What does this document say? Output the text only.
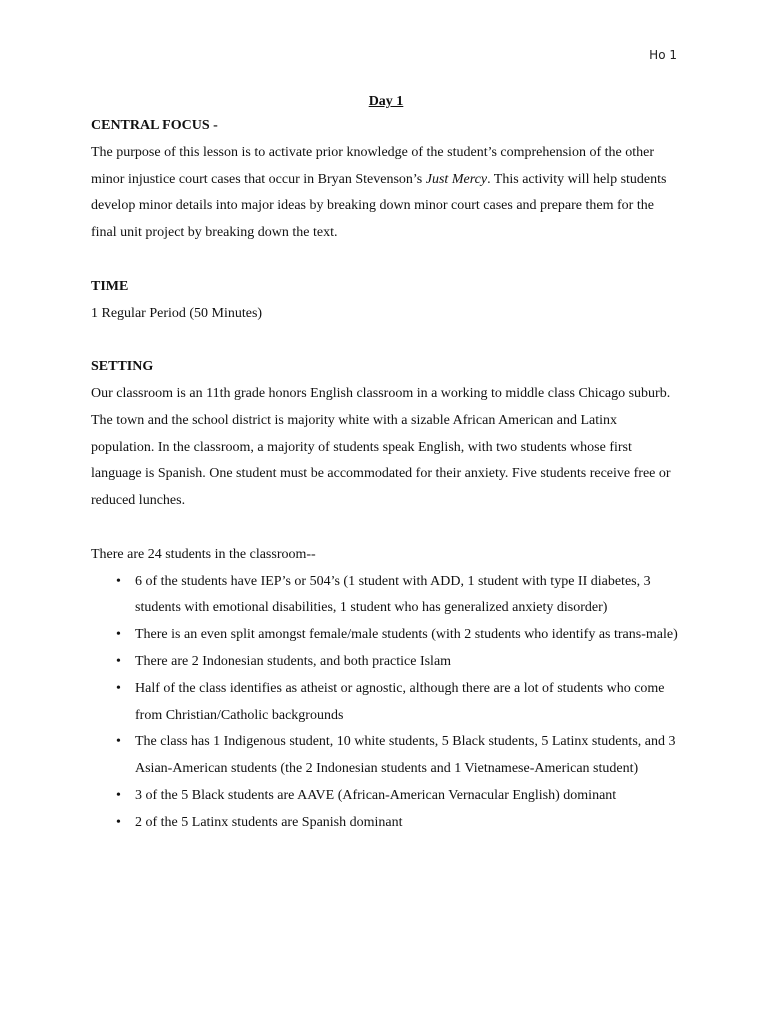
Ho 1

Day 1

CENTRAL FOCUS -

The purpose of this lesson is to activate prior knowledge of the student’s comprehension of the other minor injustice court cases that occur in Bryan Stevenson’s Just Mercy. This activity will help students develop minor details into major ideas by breaking down minor court cases and prepare them for the final unit project by breaking down the text.

TIME

1 Regular Period (50 Minutes)

SETTING

Our classroom is an 11th grade honors English classroom in a working to middle class Chicago suburb. The town and the school district is majority white with a sizable African American and Latinx population. In the classroom, a majority of students speak English, with two students whose first language is Spanish. One student must be accommodated for their anxiety. Five students receive free or reduced lunches.

There are 24 students in the classroom--

• 6 of the students have IEP’s or 504’s (1 student with ADD, 1 student with type II diabetes, 3 students with emotional disabilities, 1 student who has generalized anxiety disorder)
• There is an even split amongst female/male students (with 2 students who identify as trans-male)
• There are 2 Indonesian students, and both practice Islam
• Half of the class identifies as atheist or agnostic, although there are a lot of students who come from Christian/Catholic backgrounds
• The class has 1 Indigenous student, 10 white students, 5 Black students, 5 Latinx students, and 3 Asian-American students (the 2 Indonesian students and 1 Vietnamese-American student)
• 3 of the 5 Black students are AAVE (African-American Vernacular English) dominant
• 2 of the 5 Latinx students are Spanish dominant
